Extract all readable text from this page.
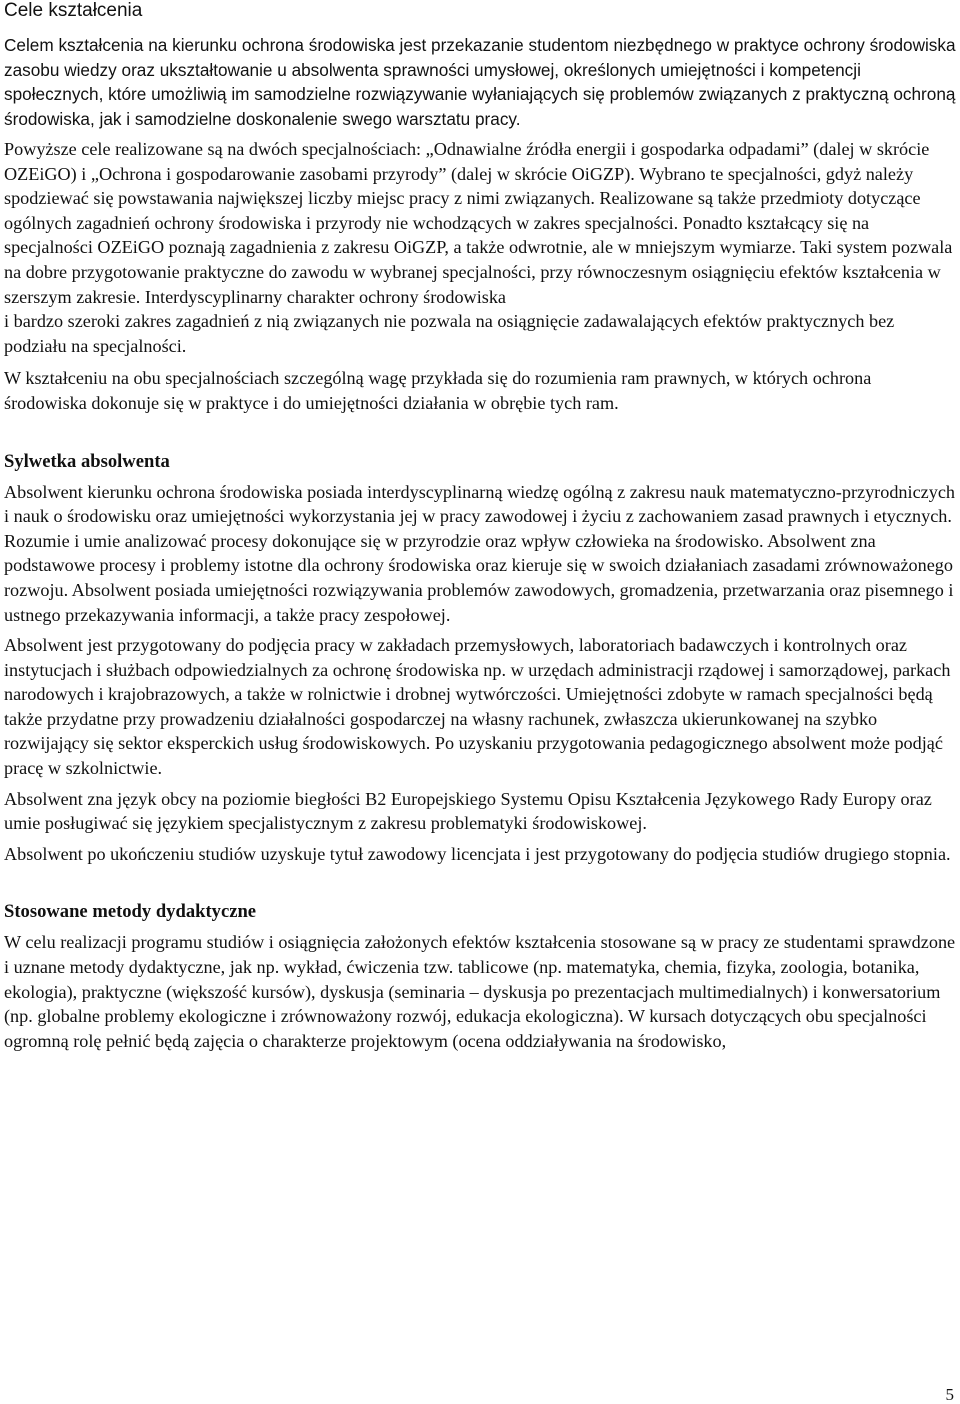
Cele kształcenia

Celem kształcenia na kierunku ochrona środowiska jest przekazanie studentom niezbędnego w praktyce ochrony środowiska zasobu wiedzy oraz ukształtowanie u absolwenta sprawności umysłowej, określonych umiejętności i kompetencji społecznych, które umożliwią im samodzielne rozwiązywanie wyłaniających się problemów związanych z praktyczną ochroną środowiska, jak i samodzielne doskonalenie swego warsztatu pracy.

Powyższe cele realizowane są na dwóch specjalnościach: „Odnawialne źródła energii i gospodarka odpadami” (dalej w skrócie OZEiGO) i „Ochrona i gospodarowanie zasobami przyrody” (dalej w skrócie OiGZP). Wybrano te specjalności, gdyż należy spodziewać się powstawania największej liczby miejsc pracy z nimi związanych. Realizowane są także przedmioty dotyczące ogólnych zagadnień ochrony środowiska i przyrody nie wchodzących w zakres specjalności. Ponadto kształcący się na specjalności OZEiGO poznają zagadnienia z zakresu OiGZP, a także odwrotnie, ale w mniejszym wymiarze. Taki system pozwala na dobre przygotowanie praktyczne do zawodu w wybranej specjalności, przy równoczesnym osiągnięciu efektów kształcenia w szerszym zakresie. Interdyscyplinarny charakter ochrony środowiska

i bardzo szeroki zakres zagadnień z nią związanych nie pozwala na osiągnięcie zadawalających efektów praktycznych bez podziału na specjalności.

W kształceniu na obu specjalnościach szczególną wagę przykłada się do rozumienia ram prawnych, w których ochrona środowiska dokonuje się w praktyce i do umiejętności działania w obrębie tych ram.

Sylwetka absolwenta

Absolwent kierunku ochrona środowiska posiada interdyscyplinarną wiedzę ogólną z zakresu nauk matematyczno-przyrodniczych i nauk o środowisku oraz umiejętności wykorzystania jej w pracy zawodowej i życiu z zachowaniem zasad prawnych i etycznych. Rozumie i umie analizować procesy dokonujące się w przyrodzie oraz wpływ człowieka na środowisko. Absolwent zna podstawowe procesy i problemy istotne dla ochrony środowiska oraz kieruje się w swoich działaniach zasadami zrównoważonego rozwoju. Absolwent posiada umiejętności rozwiązywania problemów zawodowych, gromadzenia, przetwarzania oraz pisemnego i ustnego przekazywania informacji, a także pracy zespołowej.

Absolwent jest przygotowany do podjęcia pracy w zakładach przemysłowych, laboratoriach badawczych i kontrolnych oraz instytucjach i służbach odpowiedzialnych za ochronę środowiska np. w urzędach administracji rządowej i samorządowej, parkach narodowych i krajobrazowych, a także w rolnictwie i drobnej wytwórczości. Umiejętności zdobyte w ramach specjalności będą także przydatne przy prowadzeniu działalności gospodarczej na własny rachunek, zwłaszcza ukierunkowanej na szybko rozwijający się sektor eksperckich usług środowiskowych. Po uzyskaniu przygotowania pedagogicznego absolwent może podjąć pracę w szkolnictwie.

Absolwent zna język obcy na poziomie biegłości B2 Europejskiego Systemu Opisu Kształcenia Językowego Rady Europy oraz umie posługiwać się językiem specjalistycznym z zakresu problematyki środowiskowej.

Absolwent po ukończeniu studiów uzyskuje tytuł zawodowy licencjata i jest przygotowany do podjęcia studiów drugiego stopnia.

Stosowane metody dydaktyczne

W celu realizacji programu studiów i osiągnięcia założonych efektów kształcenia stosowane są w pracy ze studentami sprawdzone i uznane metody dydaktyczne, jak np. wykład, ćwiczenia tzw. tablicowe (np. matematyka, chemia, fizyka, zoologia, botanika, ekologia), praktyczne (większość kursów), dyskusja (seminaria – dyskusja po prezentacjach multimedialnych) i konwersatorium (np. globalne problemy ekologiczne i zrównoważony rozwój, edukacja ekologiczna). W kursach dotyczących obu specjalności ogromną rolę pełnić będą zajęcia o charakterze projektowym (ocena oddziaływania na środowisko,

5
